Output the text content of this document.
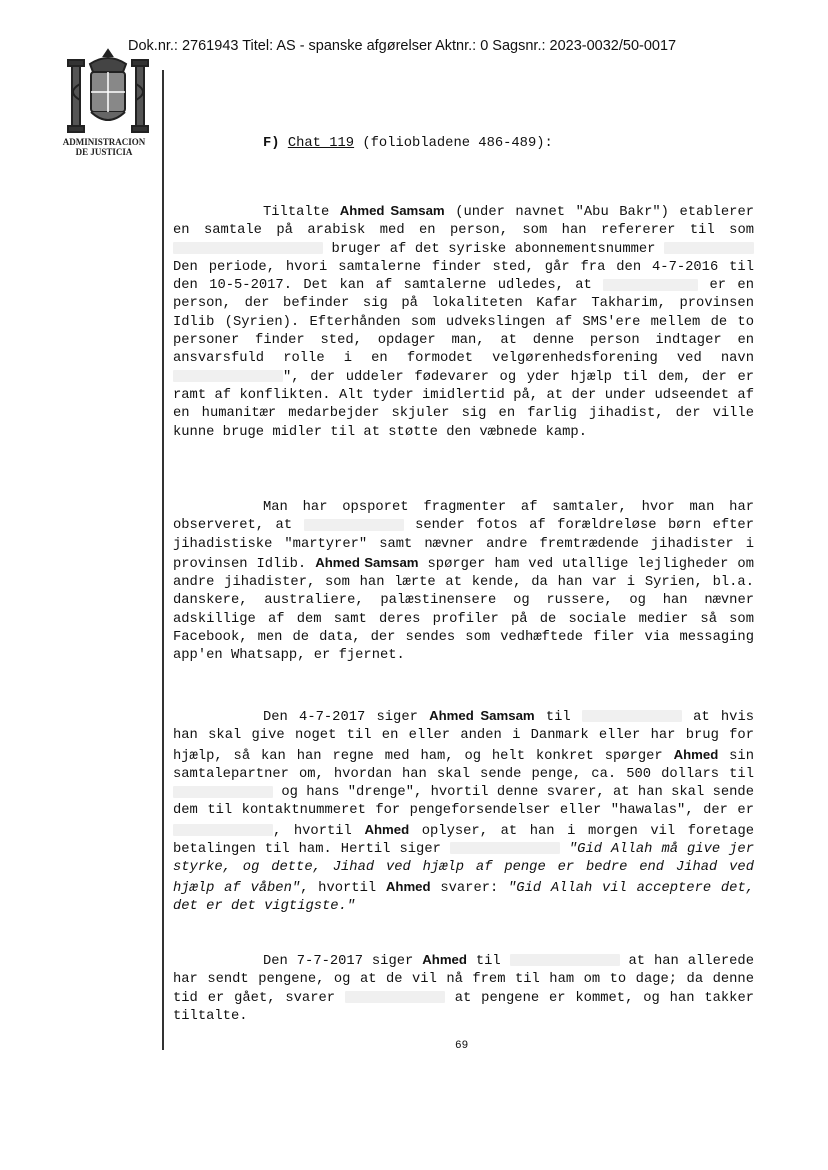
Dok.nr.: 2761943 Titel: AS - spanske afgørelser Aktnr.: 0 Sagsnr.: 2023-0032/50-0017
ADMINISTRACION
DE JUSTICIA
F) Chat 119 (foliobladene 486-489):
Tiltalte Ahmed Samsam (under navnet "Abu Bakr") etablerer en samtale på arabisk med en person, som han refererer til som  bruger af det syriske abonnementsnummer  Den periode, hvori samtalerne finder sted, går fra den 4-7-2016 til den 10-5-2017. Det kan af samtalerne udledes, at	er en person, der befinder sig på lokaliteten Kafar Takharim, provinsen Idlib (Syrien). Efterhånden som udvekslingen af SMS'ere mellem de to personer finder sted, opdager man, at denne person indtager en ansvarsfuld rolle i en formodet velgørenhedsforening ved navn ", der uddeler fødevarer og yder hjælp til dem, der er ramt af konflikten. Alt tyder imidlertid på, at der under udseendet af en humanitær medarbejder skjuler sig en farlig jihadist, der ville kunne bruge midler til at støtte den væbnede kamp.
Man har opsporet fragmenter af samtaler, hvor man har observeret, at	sender fotos af forældreløse børn efter jihadistiske "martyrer" samt nævner andre fremtrædende jihadister i provinsen Idlib. Ahmed Samsam spørger ham ved utallige lejligheder om andre jihadister, som han lærte at kende, da han var i Syrien, bl.a. danskere, australiere, palæstinensere og russere, og han nævner adskillige af dem samt deres profiler på de sociale medier så som Facebook, men de data, der sendes som vedhæftede filer via messaging app'en Whatsapp, er fjernet.
Den 4-7-2017 siger Ahmed Samsam til	at hvis han skal give noget til en eller anden i Danmark eller har brug for hjælp, så kan han regne med ham, og helt konkret spørger Ahmed sin samtalepartner om, hvordan han skal sende penge, ca. 500 dollars til  og hans "drenge", hvortil denne svarer, at han skal sende dem til kontaktnummeret for pengeforsendelser eller "hawalas", der er , hvortil Ahmed oplyser, at han i morgen vil foretage betalingen til ham. Hertil siger	"Gid Allah må give jer styrke, og dette, Jihad ved hjælp af penge er bedre end Jihad ved hjælp af våben", hvortil Ahmed svarer: "Gid Allah vil acceptere det, det er det vigtigste."
Den 7-7-2017 siger Ahmed til	at han allerede har sendt pengene, og at de vil nå frem til ham om to dage; da denne tid er gået, svarer	at pengene er kommet, og han takker tiltalte.
69
